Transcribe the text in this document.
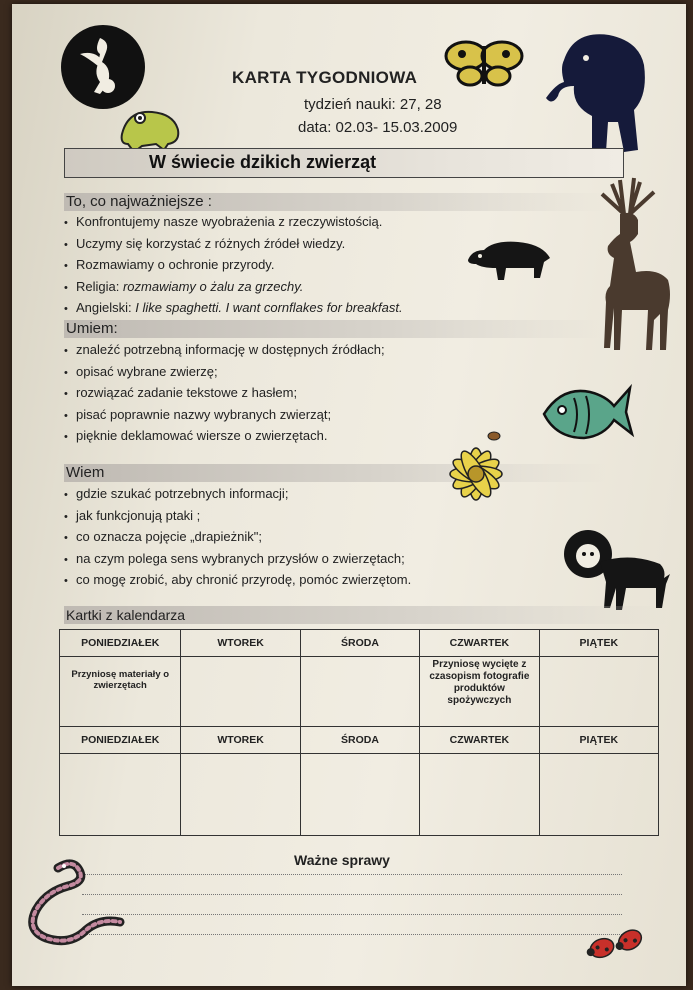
KARTA TYGODNIOWA
tydzień nauki: 27, 28
data: 02.03- 15.03.2009
W świecie dzikich zwierząt
To, co najważniejsze :
• Konfrontujemy nasze wyobrażenia z rzeczywistością.
• Uczymy się korzystać z różnych źródeł wiedzy.
• Rozmawiamy o ochronie przyrody.
• Religia: rozmawiamy o żalu za grzechy.
• Angielski: I like spaghetti. I want cornflakes for breakfast.
Umiem:
• znaleźć potrzebną informację w dostępnych źródłach;
• opisać wybrane zwierzę;
• rozwiązać zadanie tekstowe z hasłem;
• pisać poprawnie nazwy wybranych zwierząt;
• pięknie deklamować wiersze o zwierzętach.
Wiem
• gdzie szukać potrzebnych informacji;
• jak funkcjonują ptaki ;
• co oznacza pojęcie „drapieżnik";
• na czym polega sens wybranych przysłów o zwierzętach;
• co mogę zrobić, aby chronić przyrodę, pomóc zwierzętom.
Kartki z kalendarza
PONIEDZIAŁEK	WTOREK	ŚRODA	CZWARTEK	PIĄTEK
Przyniosę materiały o zwierzętach			Przyniosę wycięte z czasopism fotografie produktów spożywczych	
PONIEDZIAŁEK	WTOREK	ŚRODA	CZWARTEK	PIĄTEK

Ważne sprawy
